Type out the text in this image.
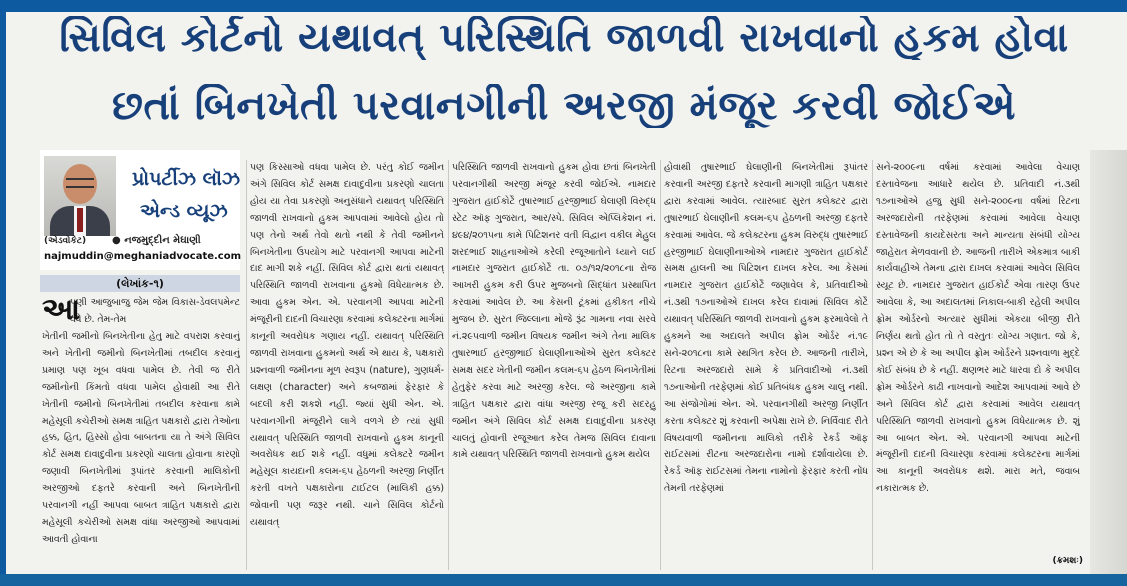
સિવિલ કોર્ટનો યથાવત્ પરિસ્થિતિ જાળવી રાખવાનો હુકમ હોવા
છતાં બિનખેતી પરવાનગીની અરજી મંજૂર કરવી જોઈએ
પ્રોપર્ટીઝ લૉઝ
એન્ડ વ્યૂઝ
(એડવોકેટ)	● નજમુદ્દીન મેઘાણી
najmuddin@meghaniadvocate.com
(લેખાંક-૧)
આ

પણી આજુબાજુ જેમ જેમ વિકાસ-ડેવલપમેન્ટ વધે છે. તેમ-તેમ

ખેતીની જમીનો બિનખેતીના હેતુ માટે વપરાશ કરવાનું અને ખેતીની જમીનો બિનખેતીમાં તબદીલ કરવાનું પ્રમાણ પણ ખૂબ વધવા પામેલ છે. તેવી જ રીતે જમીનોની કિંમતો વધવા પામેલ હોવાથી આ રીતે ખેતીની જમીનો બિનખેતીમાં તબદીલ કરવાના કામે મહેસૂલી કચેરીઓ સમક્ષ ત્રાહિત પક્ષકારો દ્વારા તેઓના હક્ક, હિત, હિસ્સો હોવા બાબતના યા તે અંગે સિવિલ કોર્ટ સમક્ષ દાવાદુવીના પ્રકરણો ચાલતા હોવાના કારણો જણાવી બિનખેતીમાં રૂપાંતર કરવાની માલિકોની અરજીઓ દફતરે કરવાની અને બિનખેતીની પરવાનગી નહીં આપવા બાબત ત્રાહિત પક્ષકારો દ્વારા મહેસૂલી કચેરીઓ સમક્ષ વાંધા અરજીઓ આપવામાં આવતી હોવાના

પણ કિસ્સાઓ વધવા પામેલ છે. પરંતુ કોઈ જમીન અંગે સિવિલ કોર્ટ સમક્ષ દાવાદુવીના પ્રકરણો ચાલતા હોય યા તેવા પ્રકરણો અનુસંધાને યથાવત્ પરિસ્થિતિ જાળવી રાખવાનો હુકમ આપવામાં આવેલો હોય તો પણ તેનો અર્થ તેવો થતો નથી કે તેવી જમીનને બિનખેતીના ઉપયોગ માટે પરવાનગી આપવા માટેની દાદ માગી શકે નહીં. સિવિલ કોર્ટ દ્વારા થતાં યથાવત્ પરિસ્થિતિ જાળવી રાખવાના હુકમો વિધેયાત્મક છે. આવા હુકમ એન. એ. પરવાનગી આપવા માટેની મંજૂરીની દાદની વિચારણા કરવામાં કલેક્ટરના માર્ગમાં કાનૂની અવરોધક ગણાય નહીં. યથાવત્ પરિસ્થિતિ જાળવી રાખવાના હુકમનો અર્થ એ થાય કે, પક્ષકારો પ્રશ્નવાળી જમીનના મૂળ સ્વરૂપ (nature), ગુણધર્મ-લક્ષણ (character) અને કબજામાં ફેરફાર કે બદલી કરી શકશે નહીં. જ્યાં સુધી એન. એ. પરવાનગીની મંજૂરીને લાગે વળગે છે ત્યાં સુધી યથાવત્ પરિસ્થિતિ જાળવી રાખવાનો હુકમ કાનૂની અવરોધક થઈ શકે નહીં. વધુમાં કલેક્ટરે જમીન મહેસૂલ કાયદાની કલમ-૬૫ હેઠળની અરજી નિર્ણીત કરતી વખતે પક્ષકારોના ટાઈટલ (માલિકી હક્ક) જોવાની પણ જરૂર નથી. ચાને સિવિલ કોર્ટનો યથાવત્

પરિસ્થિતિ જાળવી રાખવાનો હુકમ હોવા છતાં બિનખેતી પરવાનગીથી અરજી મંજૂર કરવી જોઈએ. નામદાર ગુજરાત હાઈકોર્ટે તુષારભાઈ હરજીભાઈ ઘેલાણી વિરુદ્ધ સ્ટેટ ઑફ ગુજરાત, આર/સ્પે. સિવિલ એપ્લિકેશન નં. ૪૯૪/૨૦૧૫ના કામે પિટિશનર વતી વિદ્વાન વકીલ મેહુલ શરદભાઈ શાહનાઓએ કરેલી રજૂઆતોને ધ્યાને લઈ નામદાર ગુજરાત હાઈકોર્ટે તા. ૦૭/૧૨/૨૦૧૮ના રોજ આખરી હુકમ કરી ઉપર મુજબનો સિદ્ધાંત પ્રસ્થાપિત કરવામાં આવેલ છે. આ કેસની ટૂંકમાં હકીકત નીચે મુજબ છે. સુરત જિલ્લાના મોજે રૂંઢ ગામના નવા સરવે નં.૨૯૫વાળી જમીન વિષયક જમીન અંગે તેના માલિક તુષારભાઈ હરજીભાઈ ઘેલાણીનાઓએ સુરત કલેક્ટર સમક્ષ સદર ખેતીની જમીન કલમ-૬૫ હેઠળ બિનખેતીમાં હેતુફેર કરવા માટે અરજી કરેલ. જે અરજીના કામે ત્રાહિત પક્ષકાર દ્વારા વાંધા અરજી રજૂ કરી સદરહુ જમીન અંગે સિવિલ કોર્ટ સમક્ષ દાવાદુવીના પ્રકરણ ચાલતું હોવાની રજૂઆત કરેલ તેમજ સિવિલ દાવાના કામે યથાવત્ પરિસ્થિતિ જાળવી રાખવાનો હુકમ થયેલ

હોવાથી તુષારભાઈ ઘેલાણીની બિનખેતીમાં રૂપાંતર કરવાની અરજી દફતરે કરવાની માગણી ત્રાહિત પક્ષકાર દ્વારા કરવામાં આવેલ. ત્યારબાદ સુરત કલેક્ટર દ્વારા તુષારભાઈ ઘેલાણીની કલમ-૬૫ હેઠળની અરજી દફતરે કરવામાં આવેલ. જે કલેક્ટરના હુકમ વિરુદ્ધ તુષારભાઈ હરજીભાઈ ઘેલાણીનાઓએ નામદાર ગુજરાત હાઈકોર્ટ સમક્ષ હાલની આ પિટિશન દાખલ કરેલ. આ કેસમાં નામદાર ગુજરાત હાઈકોર્ટે જણાવેલ કે, પ્રતિવાદીઓ નં.૩થી ૧૭નાઓએ દાખલ કરેલ દાવામાં સિવિલ કોર્ટે યથાવત્ પરિસ્થિતિ જાળવી રાખવાનો હુકમ ફરમાવેલો તે હુકમને આ અદાલતે અપીલ ફ્રોમ ઓર્ડર નં.૧૯ સને-૨૦૧૮ના કામે સ્થગિત કરેલ છે. આજની તારીખે, રિટના અરજદારો સામે કે પ્રતિવાદીઓ નં.૩થી ૧૭નાઓની તરફેણમાં કોઈ પ્રતિબંધક હુકમ ચાલુ નથી. આ સંજોગોમાં એન. એ. પરવાનગીથી અરજી નિર્ણીત કરતા કલેક્ટર શું કરવાની અપેક્ષા રાખે છે. નિર્વિવાદ રીતે વિષયવાળી જમીનના માલિકો તરીકે રેકર્ડ ઑફ રાઈટસમાં રીટના અરજદારોના નામો દર્શાવાયેલા છે. રેકર્ડ ઑફ રાઈટસમાં તેમના નામોનો ફેરફાર કરતી નોંધ તેમની તરફેણમાં

સને-૨૦૦૯ના વર્ષમાં કરવામાં આવેલા વેચાણ દસ્તાવેજના આધારે થયેલ છે. પ્રતિવાદી નં.૩થી ૧૭નાઓએ હજુ સુધી સને-૨૦૦૯ના વર્ષમાં રિટના અરજદારોની તરફેણમાં કરવામાં આવેલા વેચાણ દસ્તાવેજની કાયદેસરતા અને માન્યતા સંબંધી યોગ્ય જાહેરાત મેળવવાની છે. આજની તારીખે એકમાત્ર બાકી કાર્યવાહીએ તેમના દ્વારા દાખલ કરવામાં આવેલ સિવિલ સ્યૂટ છે. નામદાર ગુજરાત હાઈકોર્ટ એવા તારણ ઉપર આવેલા કે, આ અદાલતમાં નિકાલ-બાકી રહેલી અપીલ ફ્રોમ ઓર્ડરનો અત્યાર સુધીમાં એકયા બીજી રીતે નિર્ણય થતો હોત તો તે વસ્તુતઃ યોગ્ય ગણાત. જો કે, પ્રશ્ન એ છે કે આ અપીલ ફ્રોમ ઓર્ડરને પ્રશ્નવાળા મુદ્દે કોઈ સંબંધ છે કે નહીં. ક્ષણભર માટે ધારવા દો કે અપીલ ફ્રોમ ઓર્ડરને કાઢી નાખવાનો આદેશ આપવામાં આવે છે અને સિવિલ કોર્ટ દ્વારા કરવામાં આવેલ યથાવત્ પરિસ્થિતિ જાળવી રાખવાનો હુકમ વિધેયાત્મક છે. શું આ બાબત એન. એ. પરવાનગી આપવા માટેની મંજૂરીની દાદની વિચારણા કરવામાં કલેક્ટરના માર્ગમાં આ કાનૂની અવરોધક થશે. મારા મતે, જવાબ નકારાત્મક છે.

(ક્રમશઃ)
